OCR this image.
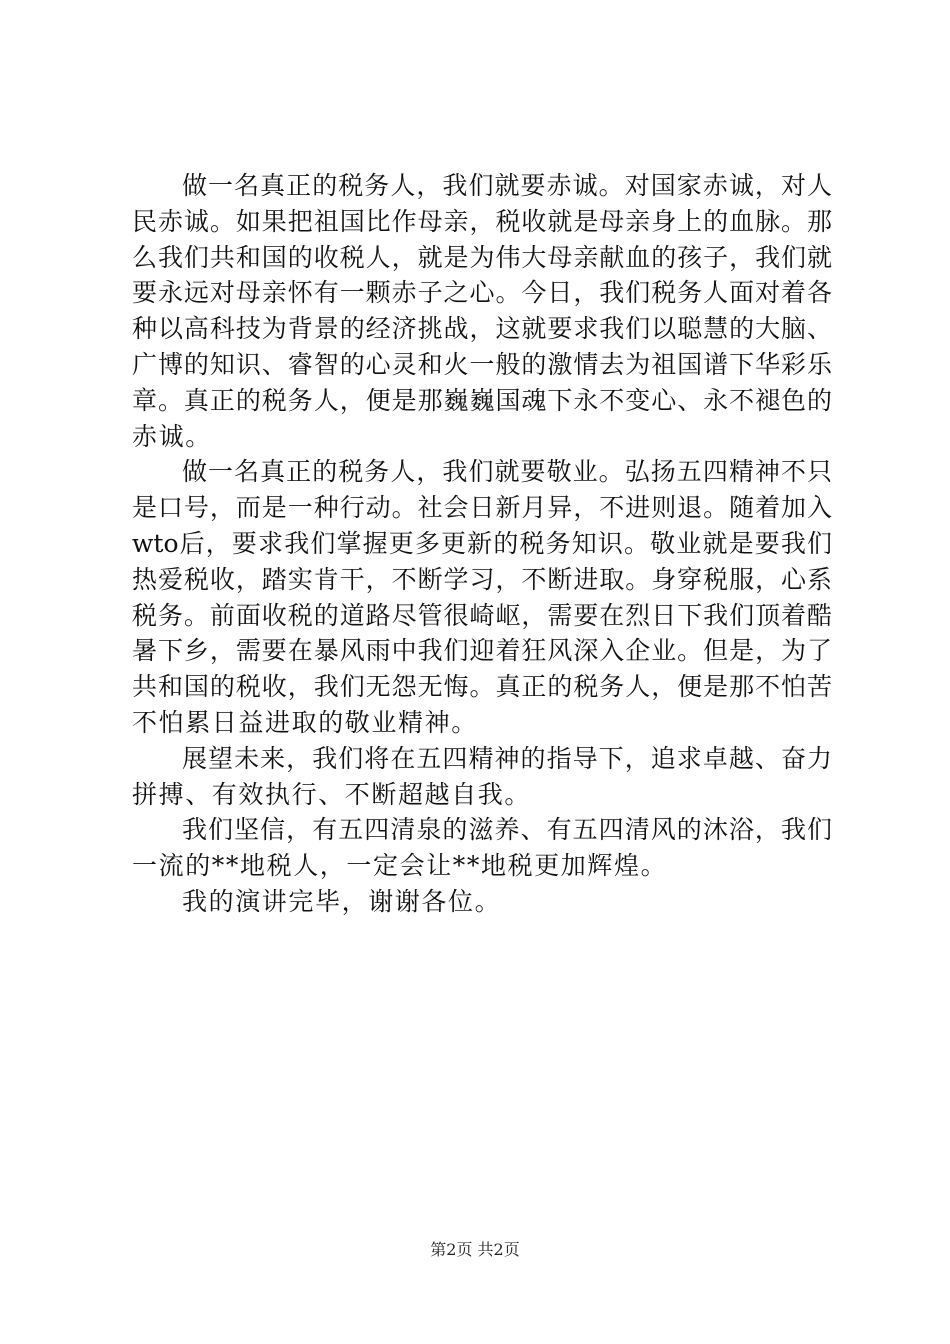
做一名真正的税务人，我们就要赤诚。对国家赤诚，对人
民赤诚。如果把祖国比作母亲，税收就是母亲身上的血脉。那
么我们共和国的收税人，就是为伟大母亲献血的孩子，我们就
要永远对母亲怀有一颗赤子之心。今日，我们税务人面对着各
种以高科技为背景的经济挑战，这就要求我们以聪慧的大脑、
广博的知识、睿智的心灵和火一般的激情去为祖国谱下华彩乐
章。真正的税务人，便是那巍巍国魂下永不变心、永不褪色的
赤诚。
做一名真正的税务人，我们就要敬业。弘扬五四精神不只
是口号，而是一种行动。社会日新月异，不进则退。随着加入
wto后，要求我们掌握更多更新的税务知识。敬业就是要我们
热爱税收，踏实肯干，不断学习，不断进取。身穿税服，心系
税务。前面收税的道路尽管很崎岖，需要在烈日下我们顶着酷
暑下乡，需要在暴风雨中我们迎着狂风深入企业。但是，为了
共和国的税收，我们无怨无悔。真正的税务人，便是那不怕苦
不怕累日益进取的敬业精神。
展望未来，我们将在五四精神的指导下，追求卓越、奋力
拼搏、有效执行、不断超越自我。
我们坚信，有五四清泉的滋养、有五四清风的沐浴，我们
一流的**地税人，一定会让**地税更加辉煌。
我的演讲完毕，谢谢各位。
第2页 共2页
